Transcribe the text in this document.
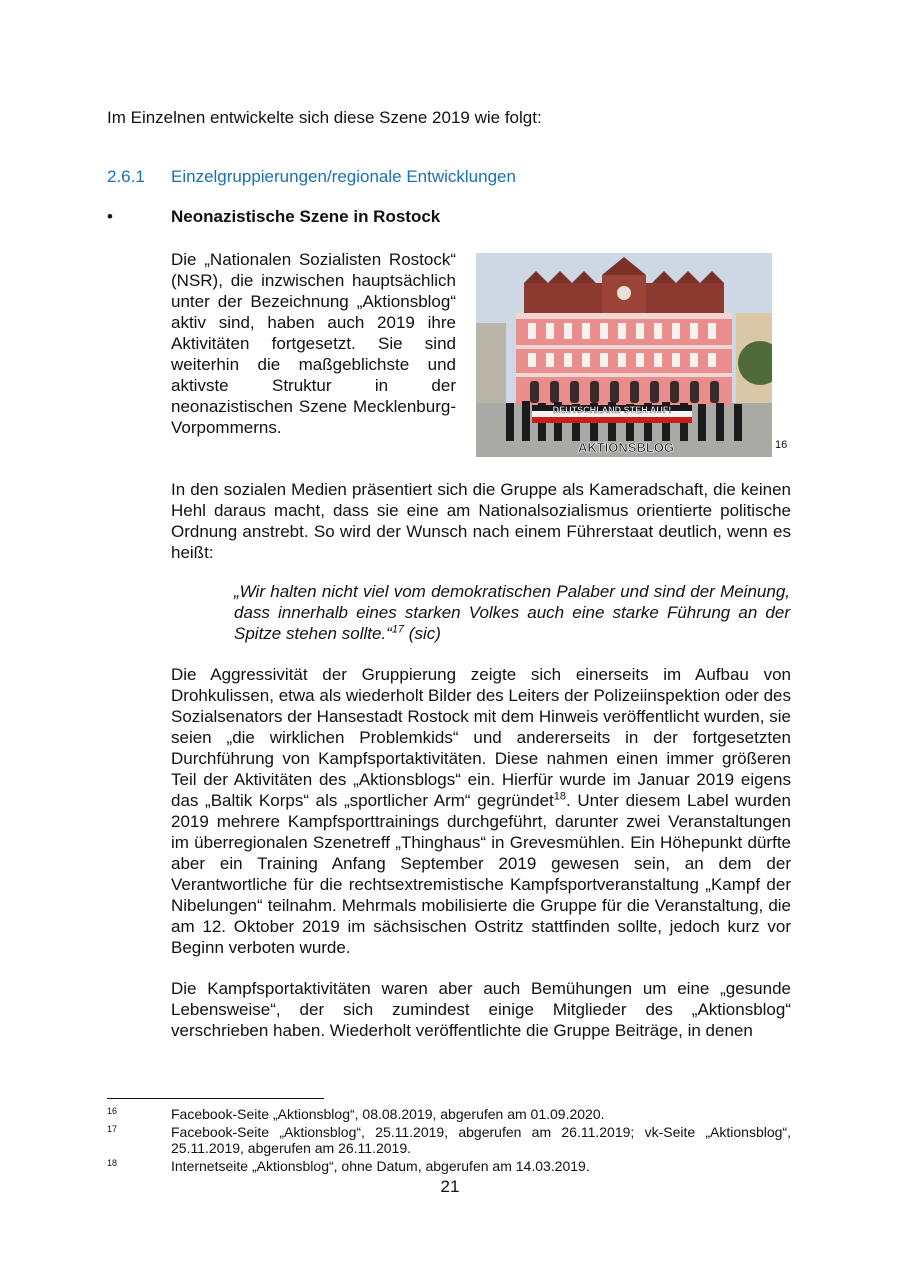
Im Einzelnen entwickelte sich diese Szene 2019 wie folgt:
2.6.1 Einzelgruppierungen/regionale Entwicklungen
•	Neonazistische Szene in Rostock
Die „Nationalen Sozialisten Rostock“ (NSR), die inzwischen hauptsächlich unter der Bezeichnung „Aktionsblog“ aktiv sind, haben auch 2019 ihre Aktivitäten fortgesetzt. Sie sind weiterhin die maßgeblichste und aktivste Struktur in der neonazistischen Szene Mecklenburg-Vorpommerns.
DEUTSCHLAND STEH AUF!
AKTIONSBLOG	16
In den sozialen Medien präsentiert sich die Gruppe als Kameradschaft, die keinen Hehl daraus macht, dass sie eine am Nationalsozialismus orientierte politische Ordnung anstrebt. So wird der Wunsch nach einem Führerstaat deutlich, wenn es heißt:
„Wir halten nicht viel vom demokratischen Palaber und sind der Meinung, dass innerhalb eines starken Volkes auch eine starke Führung an der Spitze stehen sollte.“$^{17}$ (sic)
Die Aggressivität der Gruppierung zeigte sich einerseits im Aufbau von Drohkulissen, etwa als wiederholt Bilder des Leiters der Polizeiinspektion oder des Sozialsenators der Hansestadt Rostock mit dem Hinweis veröffentlicht wurden, sie seien „die wirklichen Problemkids“ und andererseits in der fortgesetzten Durchführung von Kampfsportaktivitäten. Diese nahmen einen immer größeren Teil der Aktivitäten des „Aktionsblogs“ ein. Hierfür wurde im Januar 2019 eigens das „Baltik Korps“ als „sportlicher Arm“ gegründet$^{18}$. Unter diesem Label wurden 2019 mehrere Kampfsporttrainings durchgeführt, darunter zwei Veranstaltungen im überregionalen Szenetreff „Thinghaus“ in Grevesmühlen. Ein Höhepunkt dürfte aber ein Training Anfang September 2019 gewesen sein, an dem der Verantwortliche für die rechtsextremistische Kampfsportveranstaltung „Kampf der Nibelungen“ teilnahm. Mehrmals mobilisierte die Gruppe für die Veranstaltung, die am 12. Oktober 2019 im sächsischen Ostritz stattfinden sollte, jedoch kurz vor Beginn verboten wurde.
Die Kampfsportaktivitäten waren aber auch Bemühungen um eine „gesunde Lebensweise“, der sich zumindest einige Mitglieder des „Aktionsblog“ verschrieben haben. Wiederholt veröffentlichte die Gruppe Beiträge, in denen
16	Facebook-Seite „Aktionsblog“, 08.08.2019, abgerufen am 01.09.2020.
17	Facebook-Seite „Aktionsblog“, 25.11.2019, abgerufen am 26.11.2019; vk-Seite „Aktionsblog“, 25.11.2019, abgerufen am 26.11.2019.
18	Internetseite „Aktionsblog“, ohne Datum, abgerufen am 14.03.2019.
21
